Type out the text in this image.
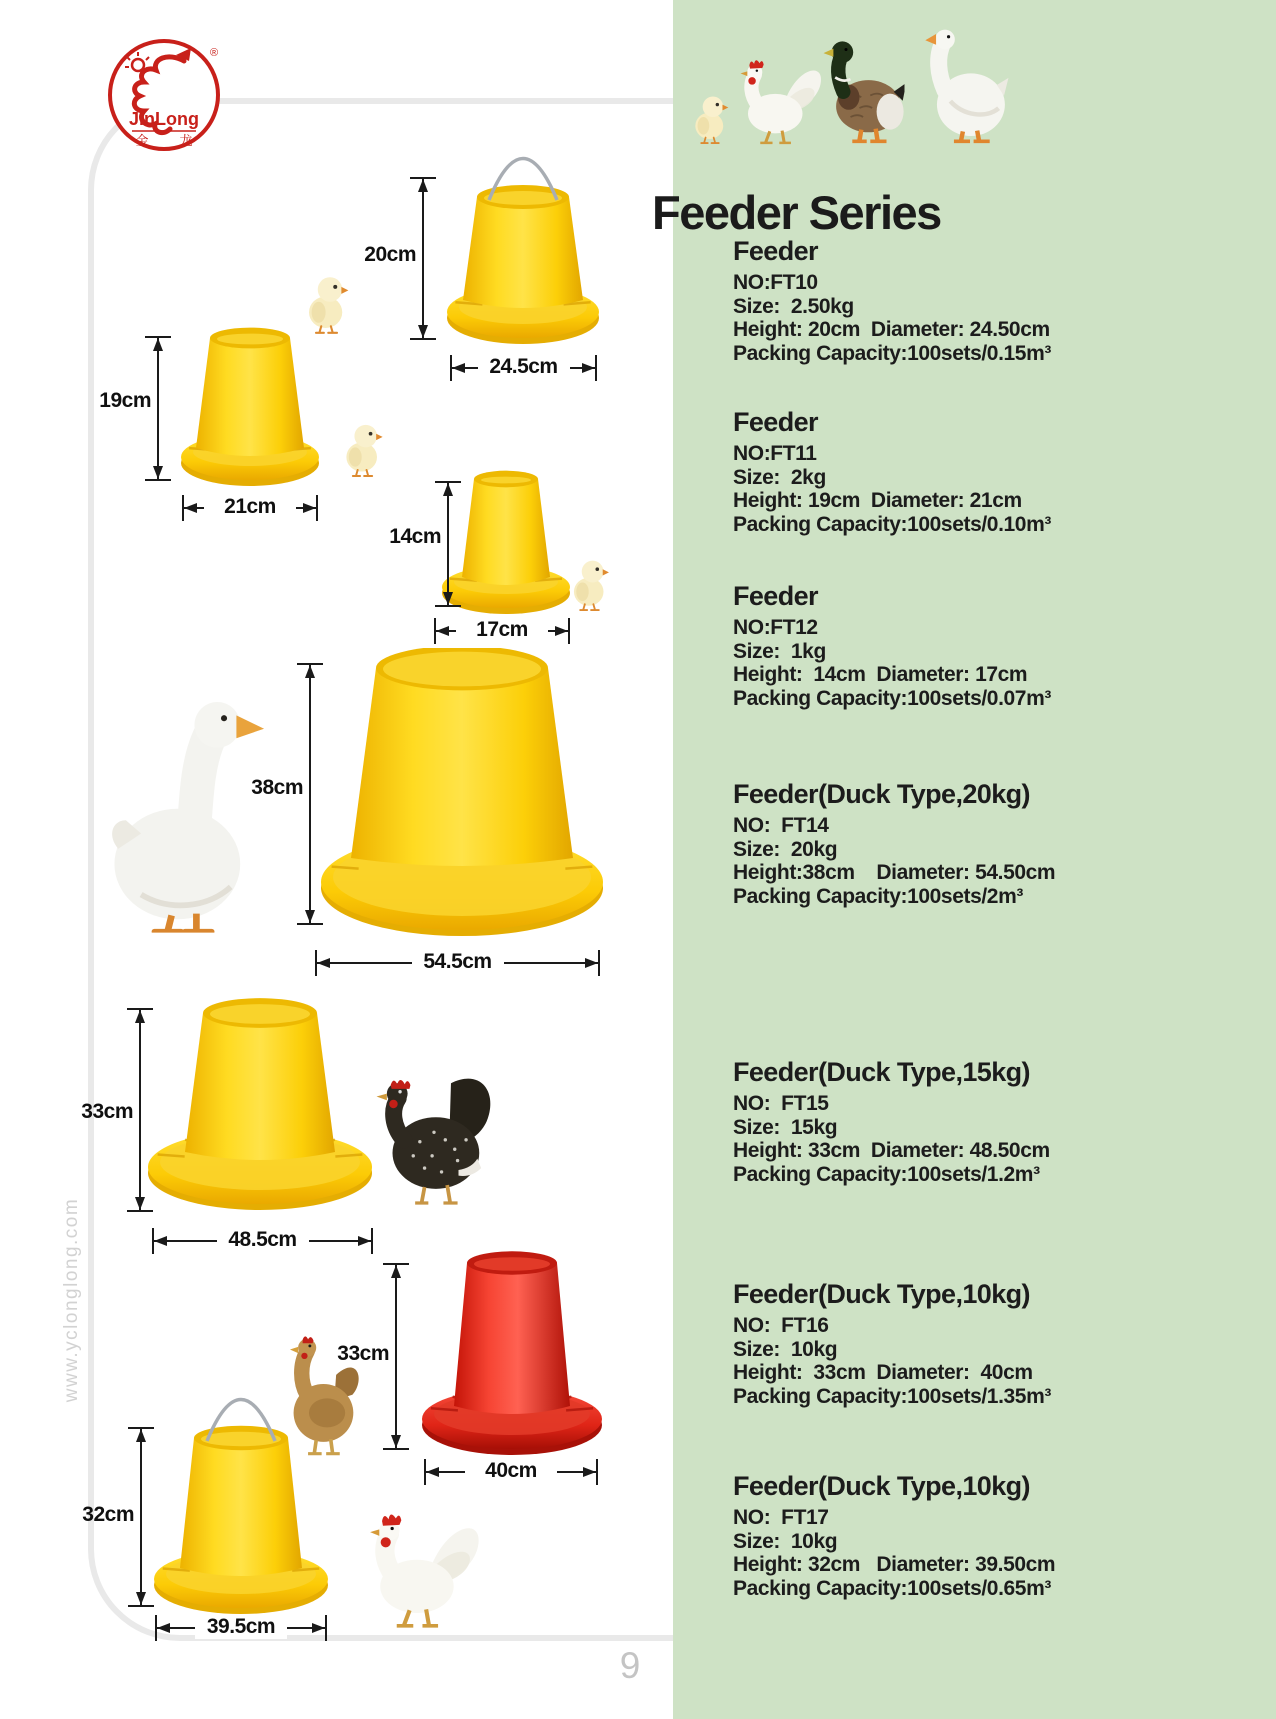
JinLong
金 龙
®
Feeder Series
Feeder
NO:FT10
Size:  2.50kg
Height: 20cm  Diameter: 24.50cm
Packing Capacity:100sets/0.15m³
Feeder
NO:FT11
Size:  2kg
Height: 19cm  Diameter: 21cm
Packing Capacity:100sets/0.10m³
Feeder
NO:FT12
Size:  1kg
Height:  14cm  Diameter: 17cm
Packing Capacity:100sets/0.07m³
Feeder(Duck Type,20kg)
NO:  FT14
Size:  20kg
Height:38cm    Diameter: 54.50cm
Packing Capacity:100sets/2m³
Feeder(Duck Type,15kg)
NO:  FT15
Size:  15kg
Height: 33cm  Diameter: 48.50cm
Packing Capacity:100sets/1.2m³
Feeder(Duck Type,10kg)
NO:  FT16
Size:  10kg
Height:  33cm  Diameter:  40cm
Packing Capacity:100sets/1.35m³
Feeder(Duck Type,10kg)
NO:  FT17
Size:  10kg
Height: 32cm   Diameter: 39.50cm
Packing Capacity:100sets/0.65m³
20cm
24.5cm
19cm
21cm
14cm
17cm
38cm
54.5cm
33cm
48.5cm
33cm
40cm
32cm
39.5cm
www.yclonglong.com
9
